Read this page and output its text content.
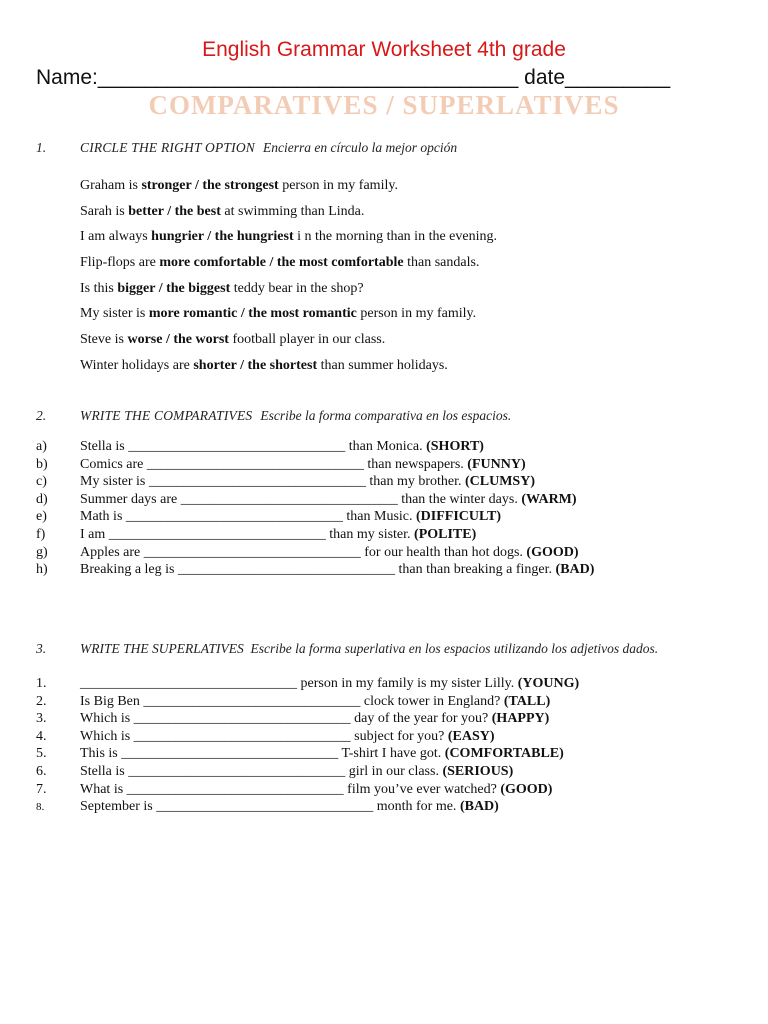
English Grammar Worksheet 4th grade
Name:____________________________________ date_________
COMPARATIVES / SUPERLATIVES
1.	CIRCLE THE RIGHT OPTION Encierra en círculo la mejor opción
Graham is stronger / the strongest person in my family.
Sarah is better / the best at swimming than Linda.
I am always hungrier / the hungriest i n the morning than in the evening.
Flip-flops are more comfortable / the most comfortable than sandals.
Is this bigger / the biggest teddy bear in the shop?
My sister is more romantic / the most romantic person in my family.
Steve is worse / the worst football player in our class.
Winter holidays are shorter / the shortest than summer holidays.
2.	WRITE THE COMPARATIVES Escribe la forma comparativa en los espacios.
a) Stella is _______________________________ than Monica. (SHORT)
b) Comics are _______________________________ than newspapers. (FUNNY)
c) My sister is _______________________________ than my brother. (CLUMSY)
d) Summer days are _______________________________ than the winter days. (WARM)
e) Math is _______________________________ than Music. (DIFFICULT)
f) I am _______________________________ than my sister. (POLITE)
g) Apples are _______________________________ for our health than hot dogs. (GOOD)
h) Breaking a leg is _______________________________ than than breaking a finger. (BAD)
3.	WRITE THE SUPERLATIVES Escribe la forma superlativa en los espacios utilizando los adjetivos dados.
1. _______________________________ person in my family is my sister Lilly. (YOUNG)
2. Is Big Ben _______________________________ clock tower in England? (TALL)
3. Which is _______________________________ day of the year for you? (HAPPY)
4. Which is _______________________________ subject for you? (EASY)
5. This is _______________________________ T-shirt I have got. (COMFORTABLE)
6. Stella is _______________________________ girl in our class. (SERIOUS)
7. What is _______________________________ film you’ve ever watched? (GOOD)
8.	September is _______________________________ month for me. (BAD)
